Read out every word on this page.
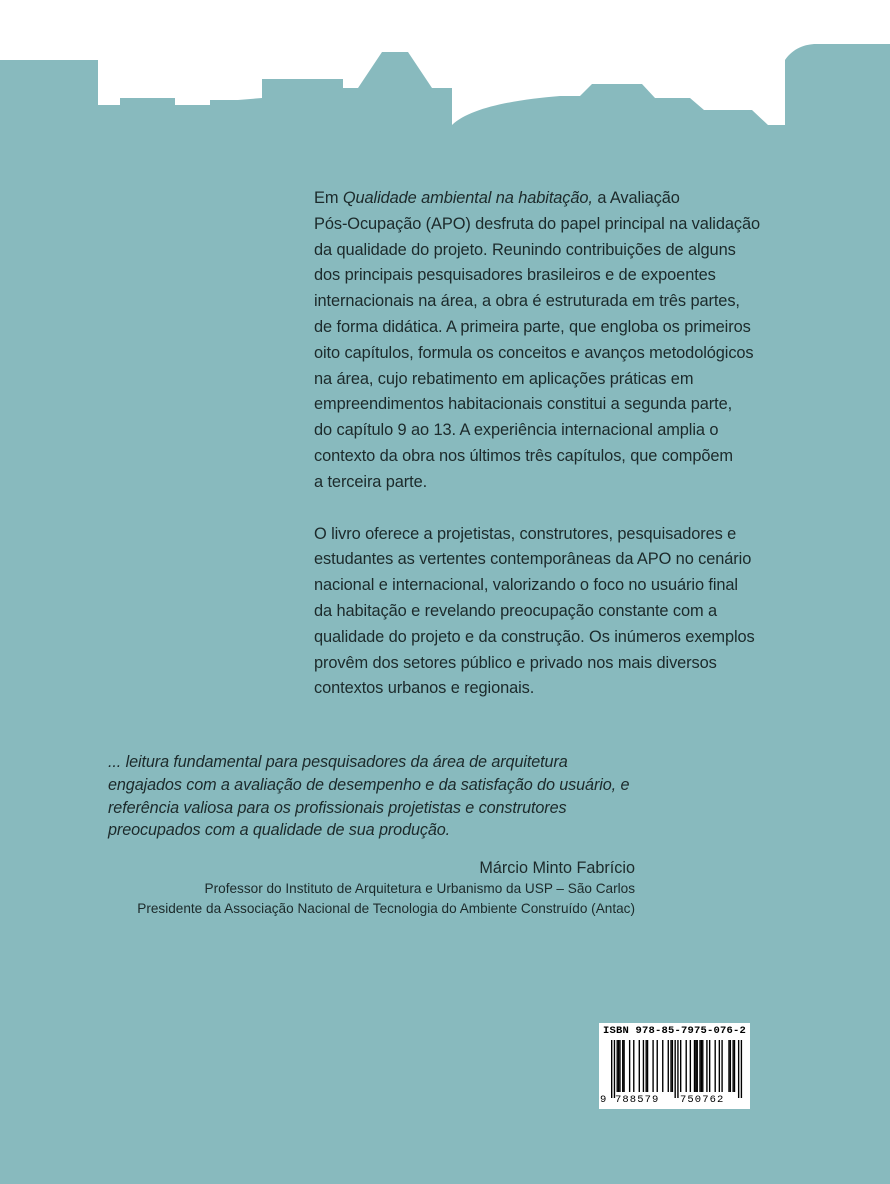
Em Qualidade ambiental na habitação, a Avaliação
Pós-Ocupação (APO) desfruta do papel principal na validação
da qualidade do projeto. Reunindo contribuições de alguns
dos principais pesquisadores brasileiros e de expoentes
internacionais na área, a obra é estruturada em três partes,
de forma didática. A primeira parte, que engloba os primeiros
oito capítulos, formula os conceitos e avanços metodológicos
na área, cujo rebatimento em aplicações práticas em
empreendimentos habitacionais constitui a segunda parte,
do capítulo 9 ao 13. A experiência internacional amplia o
contexto da obra nos últimos três capítulos, que compõem
a terceira parte.

O livro oferece a projetistas, construtores, pesquisadores e
estudantes as vertentes contemporâneas da APO no cenário
nacional e internacional, valorizando o foco no usuário final
da habitação e revelando preocupação constante com a
qualidade do projeto e da construção. Os inúmeros exemplos
provêm dos setores público e privado nos mais diversos
contextos urbanos e regionais.

... leitura fundamental para pesquisadores da área de arquitetura
engajados com a avaliação de desempenho e da satisfação do usuário, e
referência valiosa para os profissionais projetistas e construtores
preocupados com a qualidade de sua produção.
Márcio Minto Fabrício
Professor do Instituto de Arquitetura e Urbanismo da USP – São Carlos
Presidente da Associação Nacional de Tecnologia do Ambiente Construído (Antac)
ISBN 978-85-7975-076-2
9 788579 750762
